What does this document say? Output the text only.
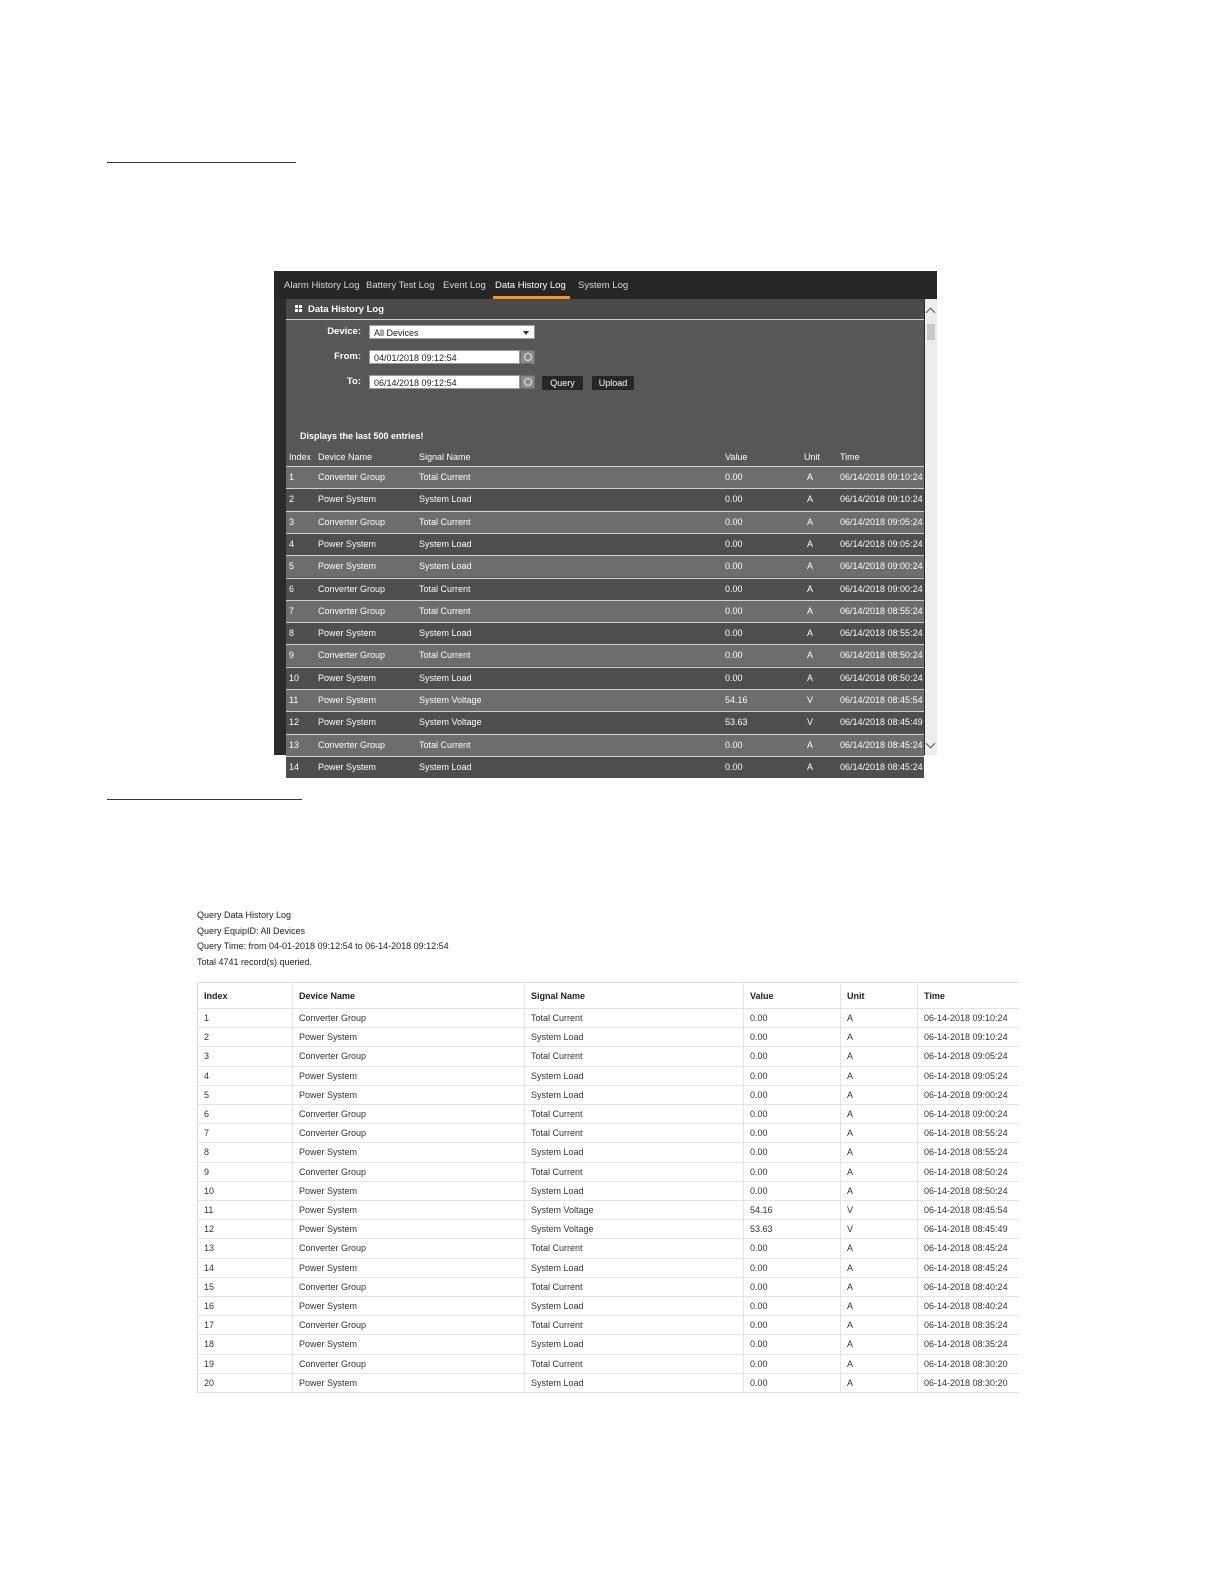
Alarm History Log Battery Test Log Event Log Data History Log System Log
Data History Log
Device:	All Devices
From:	04/01/2018 09:12:54
To:	06/14/2018 09:12:54	Query	Upload
Displays the last 500 entries!
Index Device Name	Signal Name	Value	Unit Time
1	Converter Group	Total Current	0.00	A	06/14/2018 09:10:24
2	Power System	System Load	0.00	A	06/14/2018 09:10:24
3	Converter Group	Total Current	0.00	A	06/14/2018 09:05:24
4	Power System	System Load	0.00	A	06/14/2018 09:05:24
5	Power System	System Load	0.00	A	06/14/2018 09:00:24
6	Converter Group	Total Current	0.00	A	06/14/2018 09:00:24
7	Converter Group	Total Current	0.00	A	06/14/2018 08:55:24
8	Power System	System Load	0.00	A	06/14/2018 08:55:24
9	Converter Group	Total Current	0.00	A	06/14/2018 08:50:24
10 Power System	System Load	0.00	A	06/14/2018 08:50:24
11 Power System	System Voltage	54.16	V	06/14/2018 08:45:54
12 Power System	System Voltage	53.63	V	06/14/2018 08:45:49
13 Converter Group	Total Current	0.00	A	06/14/2018 08:45:24
14 Power System	System Load	0.00	A	06/14/2018 08:45:24
Query Data History Log
Query EquipID: All Devices
Query Time: from 04-01-2018 09:12:54 to 06-14-2018 09:12:54
Total 4741 record(s) queried.
Index	Device Name	Signal Name	Value	Unit	Time
1	Converter Group	Total Current	0.00	A	06-14-2018 09:10:24
2	Power System	System Load	0.00	A	06-14-2018 09:10:24
3	Converter Group	Total Current	0.00	A	06-14-2018 09:05:24
4	Power System	System Load	0.00	A	06-14-2018 09:05:24
5	Power System	System Load	0.00	A	06-14-2018 09:00:24
6	Converter Group	Total Current	0.00	A	06-14-2018 09:00:24
7	Converter Group	Total Current	0.00	A	06-14-2018 08:55:24
8	Power System	System Load	0.00	A	06-14-2018 08:55:24
9	Converter Group	Total Current	0.00	A	06-14-2018 08:50:24
10	Power System	System Load	0.00	A	06-14-2018 08:50:24
11	Power System	System Voltage	54.16	V	06-14-2018 08:45:54
12	Power System	System Voltage	53.63	V	06-14-2018 08:45:49
13	Converter Group	Total Current	0.00	A	06-14-2018 08:45:24
14	Power System	System Load	0.00	A	06-14-2018 08:45:24
15	Converter Group	Total Current	0.00	A	06-14-2018 08:40:24
16	Power System	System Load	0.00	A	06-14-2018 08:40:24
17	Converter Group	Total Current	0.00	A	06-14-2018 08:35:24
18	Power System	System Load	0.00	A	06-14-2018 08:35:24
19	Converter Group	Total Current	0.00	A	06-14-2018 08:30:20
20	Power System	System Load	0.00	A	06-14-2018 08:30:20
